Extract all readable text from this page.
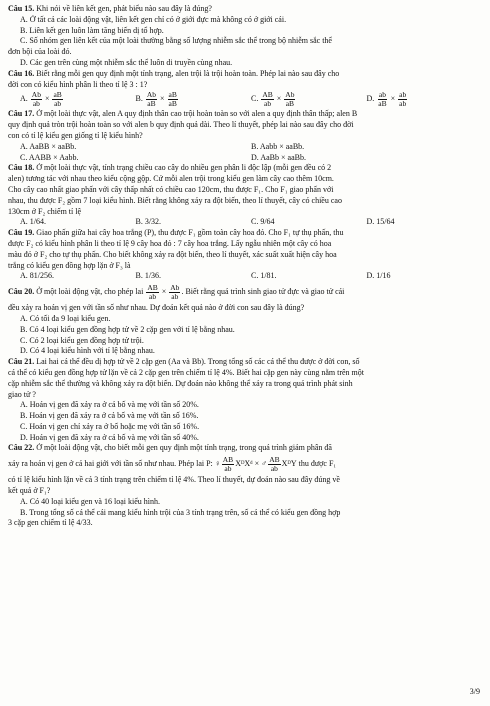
Câu 15. Khi nói về liên kết gen, phát biểu nào sau đây là đúng?
A. Ở tất cả các loài động vật, liên kết gen chỉ có ở giới đực mà không có ở giới cái.
B. Liên kết gen luôn làm tăng biến dị tổ hợp.
C. Số nhóm gen liên kết của một loài thường bằng số lượng nhiễm sắc thể trong bộ nhiễm sắc thể
đơn bội của loài đó.
D. Các gen trên cùng một nhiễm sắc thể luôn di truyền cùng nhau.
Câu 16. Biết rằng mỗi gen quy định một tính trạng, alen trội là trội hoàn toàn. Phép lai nào sau đây cho
đời con có kiểu hình phân li theo tỉ lệ 3 : 1?
A.
$\frac{Ab}{ab}$
×
$\frac{aB}{ab}$	B.
$\frac{Ab}{aB}$
×
$\frac{aB}{aB}$	C.
$\frac{AB}{ab}$
×
$\frac{Ab}{aB}$	D.
$\frac{ab}{aB}$
×
$\frac{ab}{ab}$
Câu 17. Ở một loài thực vật, alen A quy định thân cao trội hoàn toàn so với alen a quy định thân thấp; alen B
quy định quả tròn trội hoàn toàn so với alen b quy định quả dài. Theo lí thuyết, phép lai nào sau đây cho đời
con có tỉ lệ kiểu gen giống tỉ lệ kiểu hình?
A. AaBB × aaBb.	B. Aabb × aaBb.
C. AABB × Aabb.	D. AaBb × aaBb.
Câu 18. Ở một loài thực vật, tính trạng chiều cao cây do nhiều gen phân li độc lập (mỗi gen đều có 2
alen) tương tác với nhau theo kiểu cộng gộp. Cứ mỗi alen trội trong kiểu gen làm cây cao thêm 10cm.
Cho cây cao nhất giao phấn với cây thấp nhất có chiều cao 120cm, thu được F₁. Cho F₁ giao phấn với
nhau, thu được F₂ gồm 7 loại kiểu hình. Biết rằng không xảy ra đột biến, theo lí thuyết, cây có chiều cao
130cm ở F₂ chiếm tỉ lệ
A. 1/64.	B. 3/32.	C. 9/64	D. 15/64
Câu 19. Giao phấn giữa hai cây hoa trắng (P), thu được F₁ gồm toàn cây hoa đỏ. Cho F₁ tự thụ phấn, thu
được F₂ có kiểu hình phân li theo tỉ lệ 9 cây hoa đỏ : 7 cây hoa trắng. Lấy ngẫu nhiên một cây có hoa
màu đỏ ở F₂ cho tự thụ phấn. Cho biết không xảy ra đột biến, theo lí thuyết, xác suất xuất hiện cây hoa
trắng có kiểu gen đồng hợp lặn ở F₃ là
A. 81/256.	B. 1/36.	C. 1/81.	D. 1/16
Câu 20.
Ở một loài động vật, cho phép lai
$\frac{AB}{ab}$
×
$\frac{Ab}{ab}$ . Biết rằng quá trình sinh giao tử đực và giao tử cái
đều xảy ra hoán vị gen với tần số như nhau. Dự đoán kết quả nào ở đời con sau đây là đúng?
A. Có tối đa 9 loại kiểu gen.
B. Có 4 loại kiểu gen đồng hợp tử về 2 cặp gen với tỉ lệ bằng nhau.
C. Có 2 loại kiểu gen đồng hợp tử trội.
D. Có 4 loại kiểu hình với tỉ lệ bằng nhau.
Câu 21. Lai hai cá thể đều dị hợp tử về 2 cặp gen (Aa và Bb). Trong tổng số các cá thể thu được ở đời con, số
cá thể có kiểu gen đồng hợp tử lặn về cả 2 cặp gen trên chiếm tỉ lệ 4%. Biết hai cặp gen này cùng nằm trên một
cặp nhiễm sắc thể thường và không xảy ra đột biến. Dự đoán nào không thể xảy ra trong quá trình phát sinh
giao tử ?
A. Hoán vị gen đã xảy ra ở cả bố và mẹ với tần số 20%.
B. Hoán vị gen đã xảy ra ở cả bố và mẹ với tần số 16%.
C. Hoán vị gen chỉ xảy ra ở bố hoặc mẹ với tần số 16%.
D. Hoán vị gen đã xảy ra ở cả bố và mẹ với tần số 40%.
Câu 22. Ở một loài động vật, cho biết mỗi gen quy định một tính trạng, trong quá trình giảm phân đã
xảy ra hoán vị gen ở cả hai giới với tần số như nhau. Phép lai P:
♀ $\frac{AB}{ab}$ XᴰXᵈ
×
♂ $\frac{AB}{ab}$ XᴰY
thu được F₁
có tỉ lệ kiểu hình lặn về cả 3 tính trạng trên chiếm tỉ lệ 4%. Theo lí thuyết, dự đoán nào sau đây đúng về
kết quả ở F₁?
A. Có 40 loại kiểu gen và 16 loại kiểu hình.
B. Trong tổng số cá thể cái mang kiểu hình trội của 3 tính trạng trên, số cá thể có kiểu gen đồng hợp
3 cặp gen chiếm tỉ lệ 4/33.
3/9
